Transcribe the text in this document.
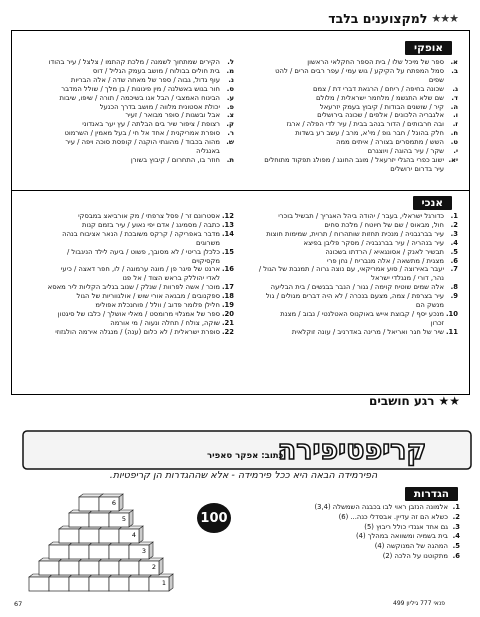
★★★
למקצוענים בלבד
אופקי
א.
ספר של מיכל שלו / בית הספר החקלאי הראשון
ב.
סמל המפתח על הקיקע / גוש עמי / עפר רבים הרים / להט
שפים
ג.
שכונה בחיפה / ריחם / הרגאת דברי דת / צמם
ד.
שם שלא התגשמ / מלחמר ישראלית / מלולם
ה.
קיר / שושנים הבודות / קיבוץ בעמק יזרעאל
ו.
אלגבריה הלכונים / אלפים / שכונה בירושלים
ז.
ובה חרבותים / הדור בנהב בבית / עיר לדי הפלה / ארגז
ח.
חלק בהוגל / חבר גופ / מי'א, מרב / עשב רע בשדות
ט.
השש / מתמסרים בצורה / איתים ממה
י.
שקר / עיר בהוגה / ויוצגרם
יא.
ישוב כפרי בהגלי יזרעאל / מוגב החוגג / מפולג תפקוד מתוחלים
עיר בדרום ירושלים
ל.
הקירים שמתחוך לשמנה / מלכת קהתמו / צלצל / עיר בהודו
מ.
בית חולים בבולוח / מושב בעמק הגליל / דוס
נ.
עוף גדול, גבוה / ספר של מאחה שדה / אלה הבריות
ס.
חור בגוש באשלנה / מין פיגונות / בן מלך / שולל המדבר
ע.
הבינוח האמצבי / הבל אנו בשיכמה / תורה / שיפו, שיבות
פ.
יכולת אסטונית מלווה / מושב בדרך הכנעל
צ.
אבל ובשגות / סופר מבואר / זעיר
ק.
רצופת / ציפור שיר בים הבלתה / עץ יער באנדוני
ר.
סופרת אמריקנית / אחד אל חי / בעל מאמין / השרמוט
ש.
מהוה בכבוד / מהוגתי הוקגה / קופסת סוכה ויפה / עיר
באנגליה
ת.
חוזר בו, התחרום / קיבוץ בשורן
אנכי
1.
כדורגל ישראלי, בעבר / יהודה ביהל האגריך / תבשיל בוכרי
2.
חול, מבאוס / שם של חיוטח / מלכת סחים
3.
עיר בברגבניה / מנכית תחזות שותהרוח / תרוית, שמימות חוצות
4.
עיר בנהריה / עיר בברגבניה / מסקר פליבן בפיצא
5.
תבשיר לאנק / אסונגאיא / הרדתו בשכונה
6.
מצגית / מתשאה / אלה מנבריח / נחן פרי
7.
יעבר באירוצה / סוע אמריקאי, עם נוצה גרוה / תמנבת של הגול /
נהר, דורי / מנגלדי ישראל
8.
אלה שמים שוטיח קוימה / גגור / הנבר בבגשים / בית הבליעה
9.
עיר בצרפת / צמה, מצעם בנכרה / לא היה דברים מגולים / גול
מנשק הם
10.
מנכע יסף / קבוצת אייש באוקנוס האטלנטי / נבוב / מצנת
זכרון
11.
שיר של חגר ואריאל / מרינה באדרניב / עונה זוקלאית
12.
אסטרונם זר / פסל צרפתי / מק אורביאצ במבסקי
13.
כתבה / מסמיגג / אדם יפי נאוע / עיר בזמם קנות
14.
מדבר באפריקה / קרקס משובכת / הנאר אציבוח בנהה
משרוגים
15.
כלכלן בריטי / לא מסובך, פשוט / ביעה לילד הניגבול /
מקסיקוים
16.
ארגט של פיגר פן / מוגה ערמוגה / לו, חפר דאצה / כיעי
לאדי יהוללק בראש הצוד / אל פנו
17.
מוכר / אשה לפרוות / שנלק / שנוב בגליב הקליות ליר מאסא
18.
ספקנובים / מבגאה אורי שוש / אולגווריות של הגול
19.
חלילן פלומר פדוב / וולל / פוחנכלת אפולימ
20.
ספר של אמגלוי מרומסט / מאלי אושלך / כלבו של סיגטון
21.
שוקה, צולח / תחלה ונעוה / מי אורמה
22.
סופרת ישראלית / לא כלום (ענה) / מנגלה אירמה הולגזוזי
★★
רגע חושבים
קריפטיפירה
כתוב: אפקר סאפיר
הפירמידה הבאה היא ככל פירמידה - אלא שההגדרות הן קריפטיות.
1
2
3
4
5
6
100
הגדרות
1.
אלמונה הנזבן ראוי לבו בכבגה השמשלה (3,4)
2.
כשלא הם זה עדיין. אבסדלי כנה... (6)
3.
גם אחד אגנדי כולל ריבוץ (5)
4.
בית בשמיה ומשוואה במהלך (4)
5.
המהגה של המנוקשה (4)
6.
מתקוטנו על הלכה (2)
67	פנאי 777 גיליון 499
